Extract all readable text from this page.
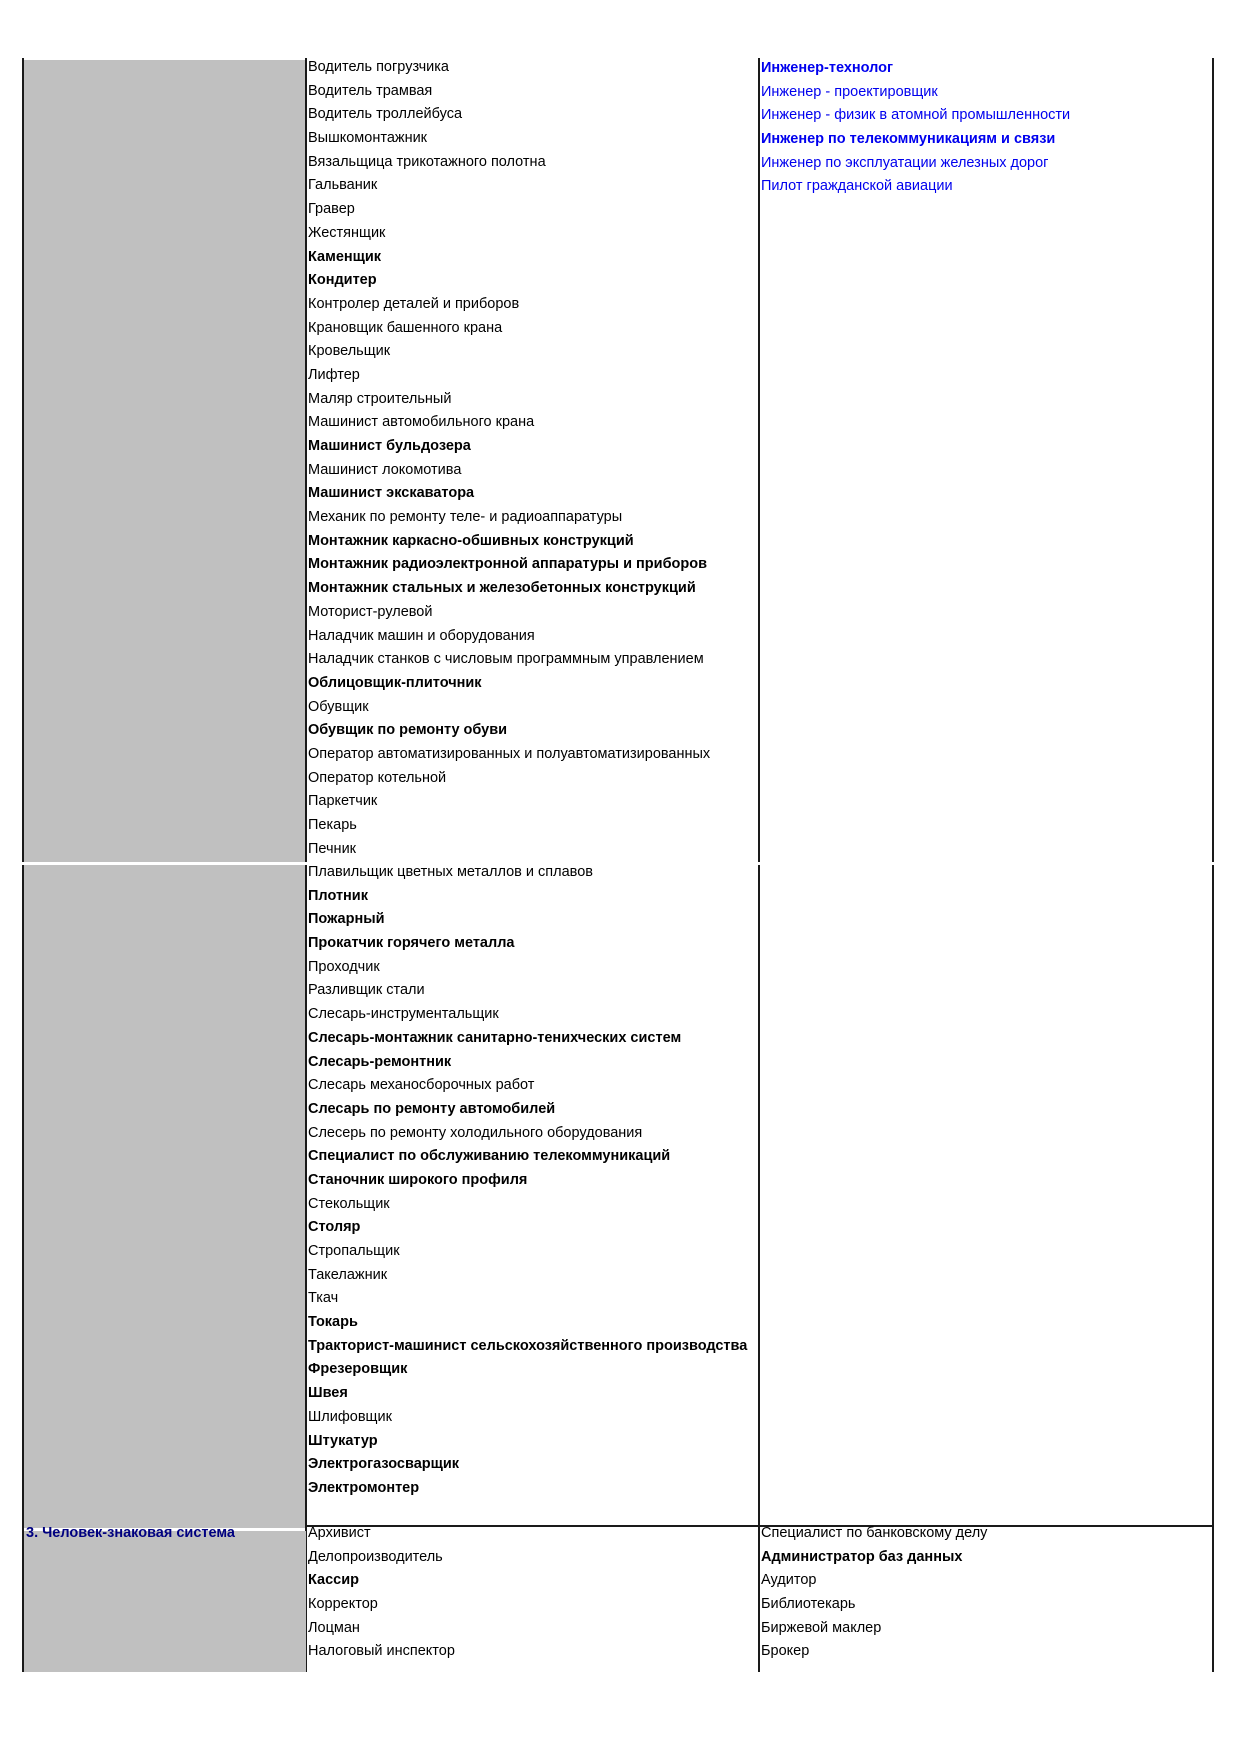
Водитель погрузчика
Водитель трамвая
Водитель троллейбуса
Вышкомонтажник
Вязальщица трикотажного полотна
Гальваник
Гравер
Жестянщик
Каменщик
Кондитер
Контролер деталей и приборов
Крановщик башенного крана
Кровельщик
Лифтер
Маляр строительный
Машинист автомобильного крана
Машинист бульдозера
Машинист локомотива
Машинист экскаватора
Механик по ремонту теле- и радиоаппаратуры
Монтажник каркасно-обшивных конструкций
Монтажник радиоэлектронной аппаратуры и приборов
Монтажник стальных и железобетонных конструкций
Моторист-рулевой
Наладчик машин и оборудования
Наладчик станков с числовым программным управлением
Облицовщик-плиточник
Обувщик
Обувщик по ремонту обуви
Оператор автоматизированных и полуавтоматизированных
Оператор котельной
Паркетчик
Пекарь
Печник
Инженер-технолог
Инженер - проектировщик
Инженер - физик в атомной промышленности
Инженер по телекоммуникациям и связи
Инженер по эксплуатации железных дорог
Пилот гражданской авиации
Плавильщик цветных металлов и сплавов
Плотник
Пожарный
Прокатчик горячего металла
Проходчик
Разливщик стали
Слесарь-инструментальщик
Слесарь-монтажник санитарно-тенихческих систем
Слесарь-ремонтник
Слесарь механосборочных работ
Слесарь по ремонту автомобилей
Слесерь по ремонту холодильного оборудования
Специалист по обслуживанию телекоммуникаций
Станочник широкого профиля
Стекольщик
Столяр
Стропальщик
Такелажник
Ткач
Токарь
Тракторист-машинист сельскохозяйственного производства
Фрезеровщик
Швея
Шлифовщик
Штукатур
Электрогазосварщик
Электромонтер
3. Человек-знаковая система	Архивист
Делопроизводитель
Кассир
Корректор
Лоцман
Налоговый инспектор
Специалист по банковскому делу
Администратор баз данных
Аудитор
Библиотекарь
Биржевой маклер
Брокер
